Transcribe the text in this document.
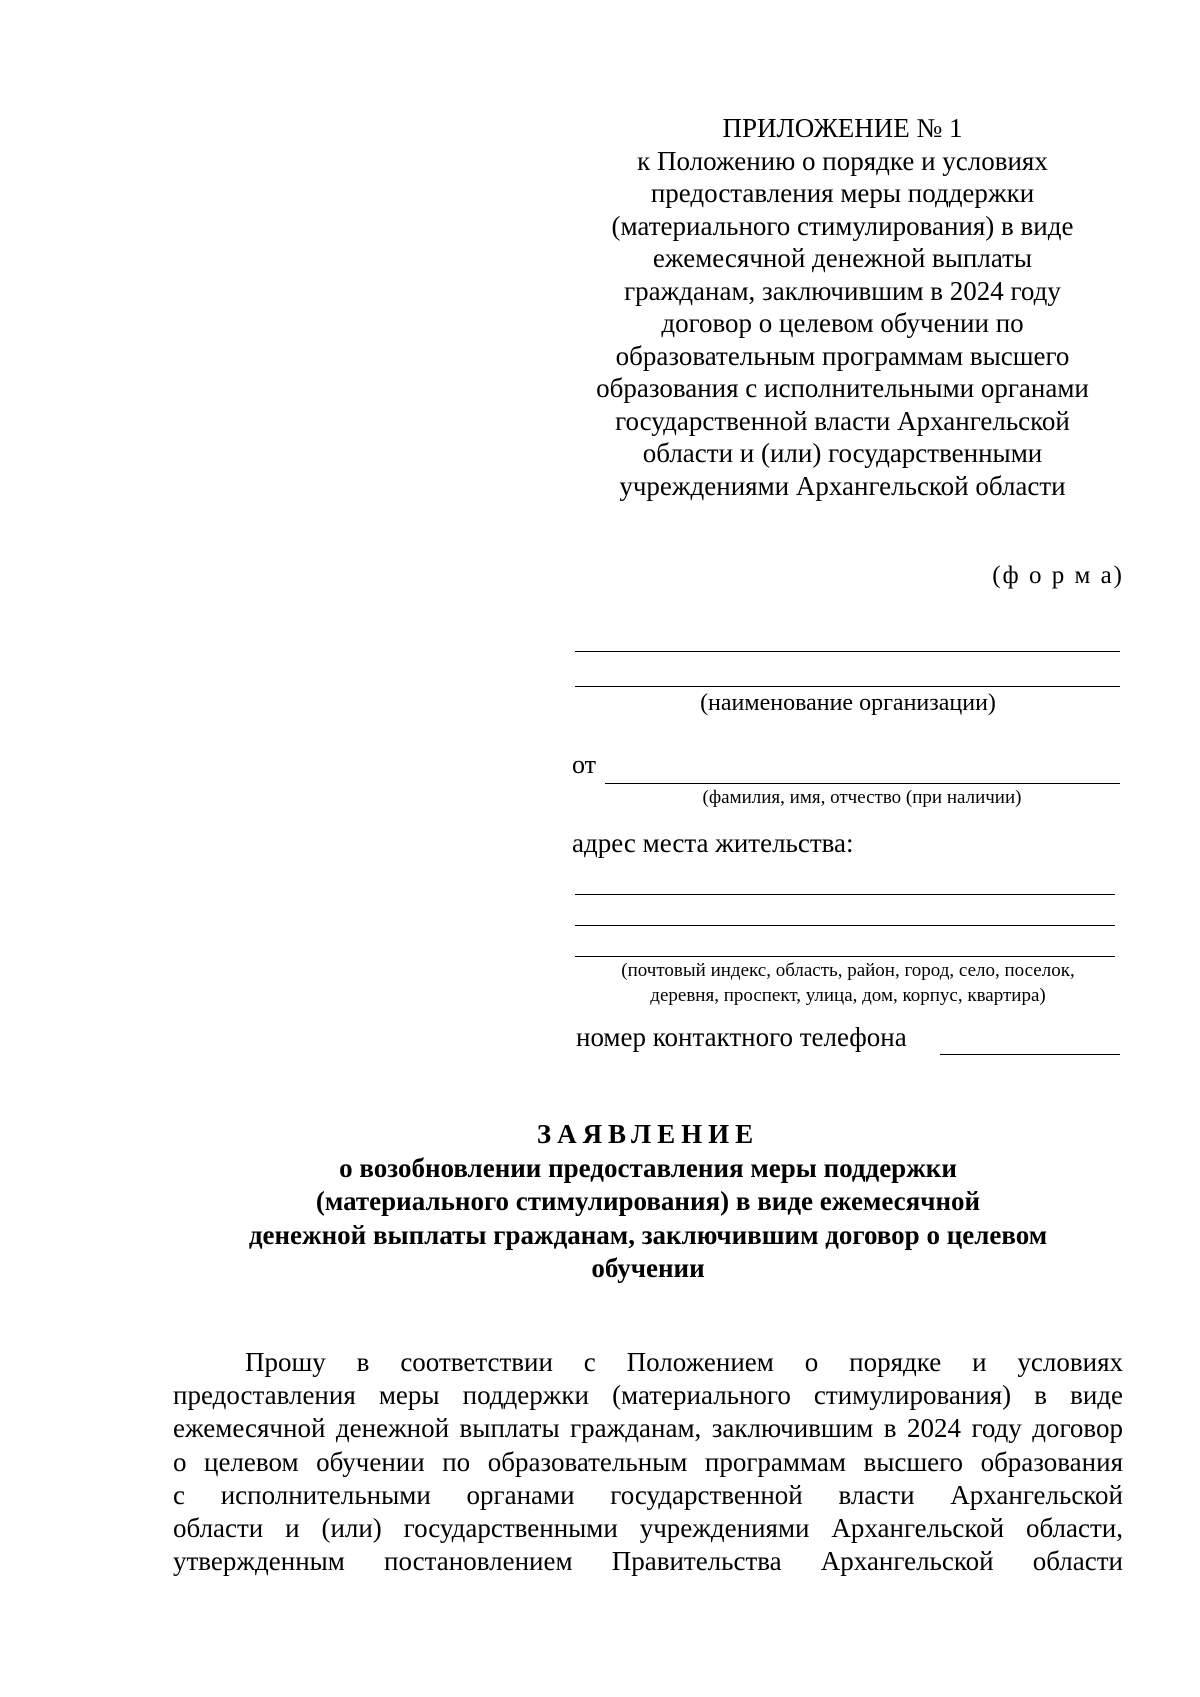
ПРИЛОЖЕНИЕ № 1
к Положению о порядке и условиях
предоставления меры поддержки
(материального стимулирования) в виде
ежемесячной денежной выплаты
гражданам, заключившим в 2024 году
договор о целевом обучении по
образовательным программам высшего
образования с исполнительными органами
государственной власти Архангельской
области и (или) государственными
учреждениями Архангельской области
(ф о р м а)
(наименование организации)
от
(фамилия, имя, отчество (при наличии)
адрес места жительства:
(почтовый индекс, область, район, город, село, поселок,
деревня, проспект, улица, дом, корпус, квартира)
номер контактного телефона
ЗАЯВЛЕНИЕ
о возобновлении предоставления меры поддержки
(материального стимулирования) в виде ежемесячной
денежной выплаты гражданам, заключившим договор о целевом
обучении
Прошу в соответствии с Положением о порядке и условиях
предоставления меры поддержки (материального стимулирования) в виде
ежемесячной денежной выплаты гражданам, заключившим в 2024 году договор
о целевом обучении по образовательным программам высшего образования
с исполнительными органами государственной власти Архангельской
области и (или) государственными учреждениями Архангельской области,
утвержденным постановлением Правительства Архангельской области
